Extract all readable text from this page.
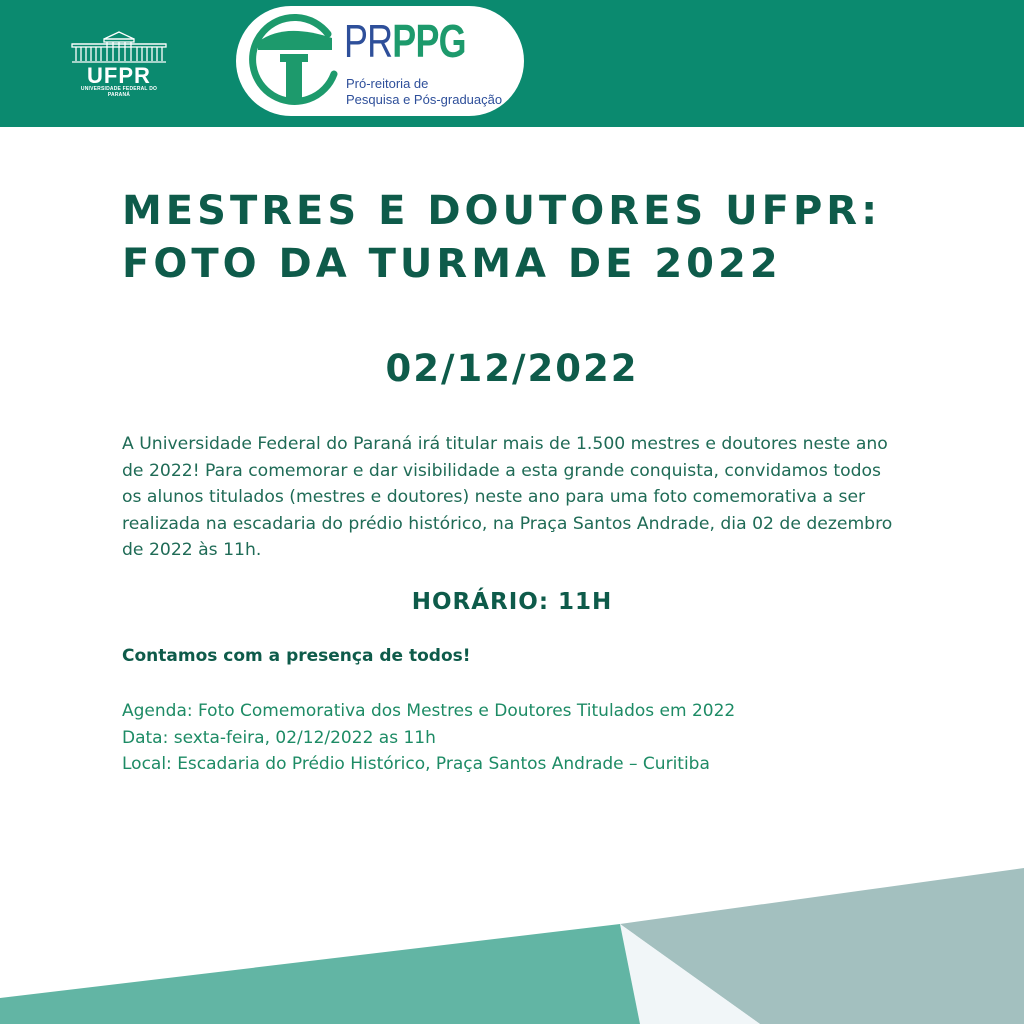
UFPR
UNIVERSIDADE FEDERAL DO PARANÁ
PRPPG
Pró-reitoria de
Pesquisa e Pós-graduação
MESTRES E DOUTORES UFPR:
FOTO DA TURMA DE 2022
02/12/2022

A Universidade Federal do Paraná irá titular mais de 1.500 mestres e doutores neste ano de 2022! Para comemorar e dar visibilidade a esta grande conquista, convidamos todos os alunos titulados (mestres e doutores) neste ano para uma foto comemorativa a ser realizada na escadaria do prédio histórico, na Praça Santos Andrade, dia 02 de dezembro de 2022 às 11h.

HORÁRIO: 11H
Contamos com a presença de todos!
Agenda: Foto Comemorativa dos Mestres e Doutores Titulados em 2022
Data: sexta-feira, 02/12/2022 as 11h
Local: Escadaria do Prédio Histórico, Praça Santos Andrade – Curitiba
